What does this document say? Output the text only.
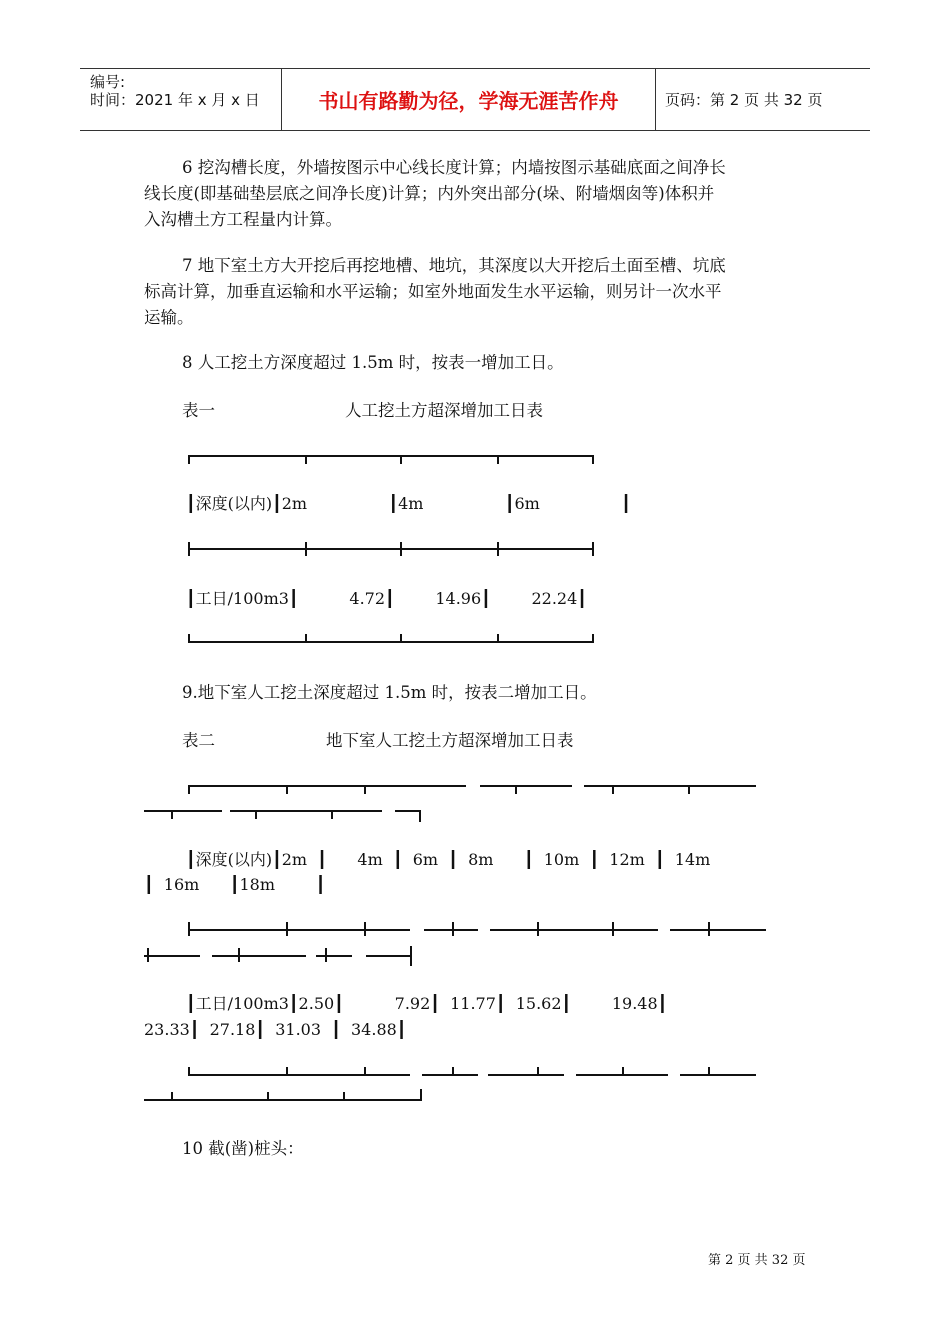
编号:
时间：2021 年 x 月 x 日	书山有路勤为径，学海无涯苦作舟	页码：第 2 页 共 32 页
6 挖沟槽长度，外墙按图示中心线长度计算；内墙按图示基础底面之间净长
线长度(即基础垫层底之间净长度)计算；内外突出部分(垛、附墙烟囱等)体积并
入沟槽土方工程量内计算。
7 地下室土方大开挖后再挖地槽、地坑，其深度以大开挖后土面至槽、坑底
标高计算，加垂直运输和水平运输；如室外地面发生水平运输，则另计一次水平
运输。
8 人工挖土方深度超过 1.5m 时，按表一增加工日。
表一	人工挖土方超深增加工日表
┃深度(以内)┃2m                ┃4m                ┃6m                ┃
┃工日/100m3┃          4.72┃        14.96┃        22.24┃
9.地下室人工挖土深度超过 1.5m 时，按表二增加工日。
表二	地下室人工挖土方超深增加工日表
┃深度(以内)┃2m  ┃      4m  ┃  6m  ┃  8m      ┃  10m  ┃  12m  ┃  14m
┃  16m      ┃18m        ┃
┃工日/100m3┃2.50┃          7.92┃  11.77┃  15.62┃        19.48┃
23.33┃  27.18┃  31.03  ┃  34.88┃
10 截(凿)桩头：
第 2 页 共 32 页
